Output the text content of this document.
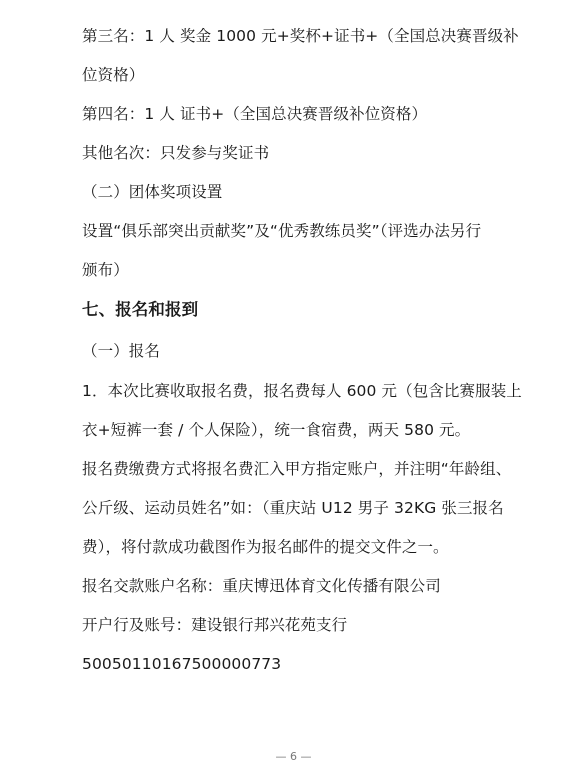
第三名：1 人 奖金 1000 元+奖杯+证书+（全国总决赛晋级补
位资格）
第四名：1 人 证书+（全国总决赛晋级补位资格）
其他名次：只发参与奖证书
（二）团体奖项设置
设置“俱乐部突出贡献奖”及“优秀教练员奖”（评选办法另行
颁布）
七、报名和报到
（一）报名
1．本次比赛收取报名费，报名费每人 600 元（包含比赛服装上
衣+短裤一套 / 个人保险），统一食宿费，两天 580 元。
报名费缴费方式将报名费汇入甲方指定账户，并注明“年龄组、
公斤级、运动员姓名”如：（重庆站 U12 男子 32KG 张三报名
费），将付款成功截图作为报名邮件的提交文件之一。
报名交款账户名称：重庆博迅体育文化传播有限公司
开户行及账号：建设银行邦兴花苑支行
50050110167500000773
— 6 —
